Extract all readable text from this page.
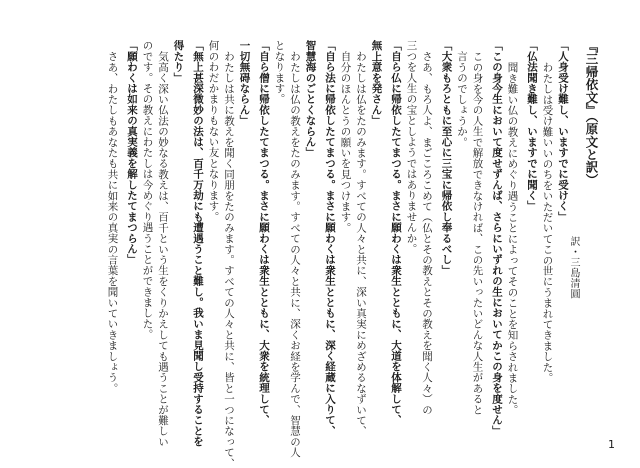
『三帰依文』（原文と訳）
「人身受け難し、いますでに受けく」
わたしは受け難いいのちをいただいてこの世にうまれてきました。
「仏法聞き難し、いますでに聞く」
聞き難い仏の教えにめぐり遇うことによってそのことを知らされました。
「この身今生において度せずんば、さらにいずれの生においてかこの身を度せん」
この身を今の人生で解放できなければ、この先いったいどんな人生があると
言うのでしょうか。
「大衆もろともに至心に三宝に帰依し奉るべし」
さあ、もろ人よ、まごころこめて（仏とその教えとその教えを聞く人々）の
三つを人生の宝としようではありませんか。
「自ら仏に帰依したてまつる。まさに願わくは衆生とともに、大道を体解して、
無上意を発さん」
わたしは仏をたのみます。すべての人々と共に、深い真実にめざめるなずいて、
自分のほんとうの願いを見つけます。
「自ら法に帰依したてまつる。まさに願わくは衆生とともに、深く経蔵に入りて、
智慧海のごとくならん」
わたしは仏の教えをたのみます。すべての人々と共に、深くお経を学んで、智慧の人
となります。
「自ら僧に帰依したてまつる。まさに願わくは衆生とともに、大衆を統理して、
一切無碍ならん」
わたしは共に教えを聞く同朋をたのみます。すべての人々と共に、皆と一つになって、
何のわだかまりもない友となります。
「無上甚深微妙の法は、百千万劫にも遭遇うこと難し。我いま見聞し受持することを
得たり」
気高く深い仏法の妙なる教えは、百千という生をくりかえしても遇うことが難しい
のです。その教えにわたしは今めぐり遇うことができました。
「願わくは如来の真実義を解したてまつらん」
さあ、わたしもあなたも共に如来の真実の言葉を聞いていきましょう。	訳・三島清圓
1
